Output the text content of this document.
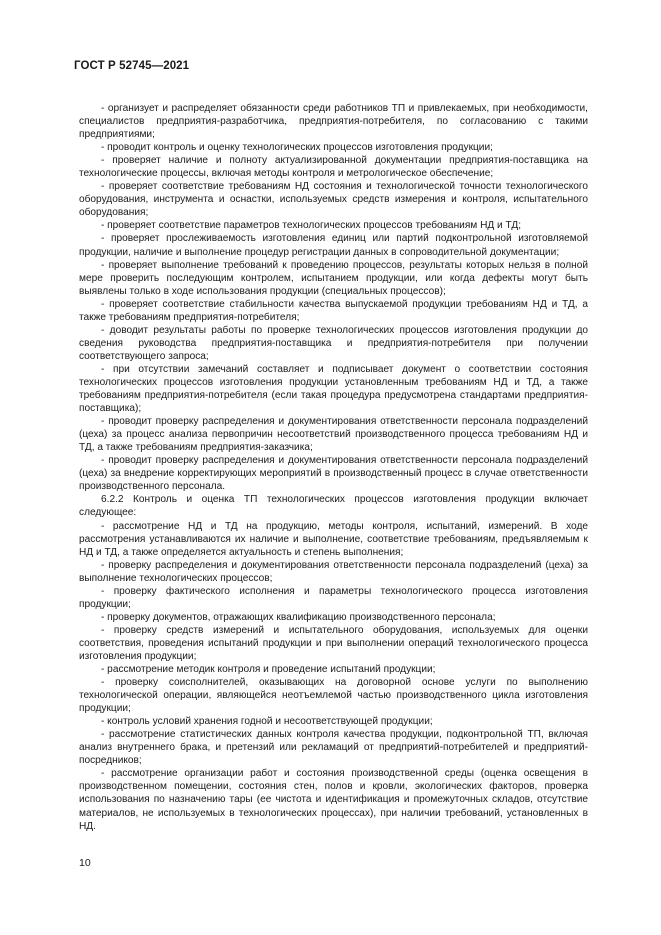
ГОСТ Р 52745—2021

- организует и распределяет обязанности среди работников ТП и привлекаемых, при необходимости, специалистов предприятия-разработчика, предприятия-потребителя, по согласованию с такими предприятиями;

- проводит контроль и оценку технологических процессов изготовления продукции;

- проверяет наличие и полноту актуализированной документации предприятия-поставщика на технологические процессы, включая методы контроля и метрологическое обеспечение;

- проверяет соответствие требованиям НД состояния и технологической точности технологического оборудования, инструмента и оснастки, используемых средств измерения и контроля, испытательного оборудования;

- проверяет соответствие параметров технологических процессов требованиям НД и ТД;

- проверяет прослеживаемость изготовления единиц или партий подконтрольной изготовляемой продукции, наличие и выполнение процедур регистрации данных в сопроводительной документации;

- проверяет выполнение требований к проведению процессов, результаты которых нельзя в полной мере проверить последующим контролем, испытанием продукции, или когда дефекты могут быть выявлены только в ходе использования продукции (специальных процессов);

- проверяет соответствие стабильности качества выпускаемой продукции требованиям НД и ТД, а также требованиям предприятия-потребителя;

- доводит результаты работы по проверке технологических процессов изготовления продукции до сведения руководства предприятия-поставщика и предприятия-потребителя при получении соответствующего запроса;

- при отсутствии замечаний составляет и подписывает документ о соответствии состояния технологических процессов изготовления продукции установленным требованиям НД и ТД, а также требованиям предприятия-потребителя (если такая процедура предусмотрена стандартами предприятия-поставщика);

- проводит проверку распределения и документирования ответственности персонала подразделений (цеха) за процесс анализа первопричин несоответствий производственного процесса требованиям НД и ТД, а также требованиям предприятия-заказчика;

- проводит проверку распределения и документирования ответственности персонала подразделений (цеха) за внедрение корректирующих мероприятий в производственный процесс в случае ответственности производственного персонала.

6.2.2 Контроль и оценка ТП технологических процессов изготовления продукции включает следующее:

- рассмотрение НД и ТД на продукцию, методы контроля, испытаний, измерений. В ходе рассмотрения устанавливаются их наличие и выполнение, соответствие требованиям, предъявляемым к НД и ТД, а также определяется актуальность и степень выполнения;

- проверку распределения и документирования ответственности персонала подразделений (цеха) за выполнение технологических процессов;

- проверку фактического исполнения и параметры технологического процесса изготовления продукции;

- проверку документов, отражающих квалификацию производственного персонала;

- проверку средств измерений и испытательного оборудования, используемых для оценки соответствия, проведения испытаний продукции и при выполнении операций технологического процесса изготовления продукции;

- рассмотрение методик контроля и проведение испытаний продукции;

- проверку соисполнителей, оказывающих на договорной основе услуги по выполнению технологической операции, являющейся неотъемлемой частью производственного цикла изготовления продукции;

- контроль условий хранения годной и несоответствующей продукции;

- рассмотрение статистических данных контроля качества продукции, подконтрольной ТП, включая анализ внутреннего брака, и претензий или рекламаций от предприятий-потребителей и предприятий-посредников;

- рассмотрение организации работ и состояния производственной среды (оценка освещения в производственном помещении, состояния стен, полов и кровли, экологических факторов, проверка использования по назначению тары (ее чистота и идентификация и промежуточных складов, отсутствие материалов, не используемых в технологических процессах), при наличии требований, установленных в НД.

10
